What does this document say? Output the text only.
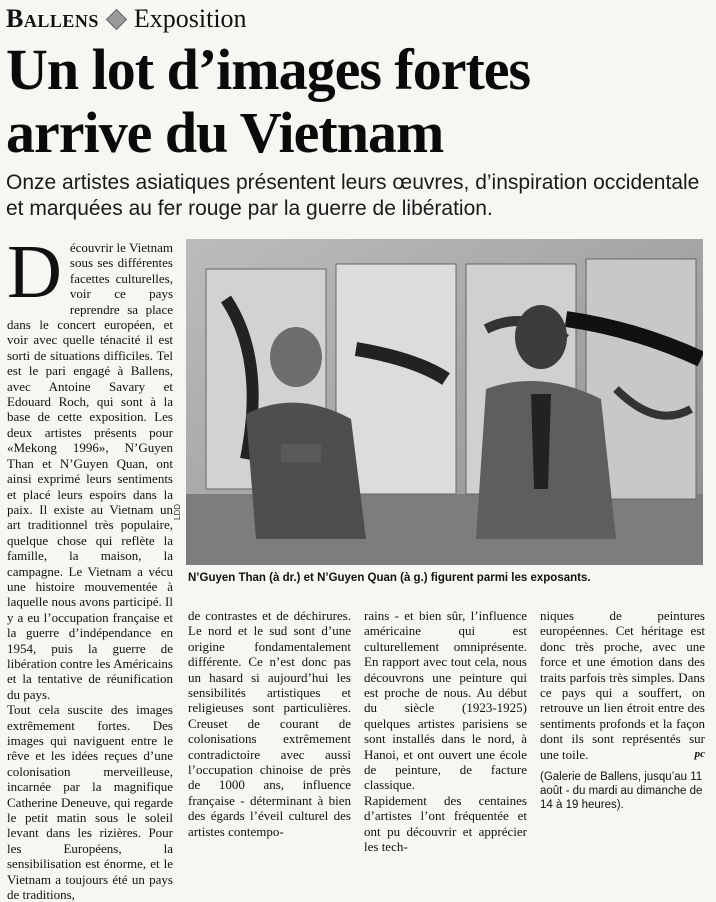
Ballens Exposition
Un lot d’images fortes
arrive du Vietnam
Onze artistes asiatiques présentent leurs œuvres, d’inspiration occidentale et marquées au fer rouge par la guerre de libération.
D écouvrir le Vietnam sous ses différentes facettes culturelles, voir ce pays reprendre sa place dans le concert européen, et voir avec quelle ténacité il est sorti de situations difficiles. Tel est le pari engagé à Ballens, avec Antoine Savary et Edouard Roch, qui sont à la base de cette exposition. Les deux artistes présents pour «Mekong 1996», N’Guyen Than et N’Guyen Quan, ont ainsi exprimé leurs sentiments et placé leurs espoirs dans la paix. Il existe au Vietnam un art traditionnel très populaire, quelque chose qui reflète la famille, la maison, la campagne. Le Vietnam a vécu une histoire mouvementée à laquelle nous avons participé. Il y a eu l’occupation française et la guerre d’indépendance en 1954, puis la guerre de libération contre les Américains et la tentative de réunification du pays.

Tout cela suscite des images extrêmement fortes. Des images qui naviguent entre le rêve et les idées reçues d’une colonisation merveilleuse, incarnée par la magnifique Catherine Deneuve, qui regarde le petit matin sous le soleil levant dans les rizières. Pour les Européens, la sensibilisation est énorme, et le Vietnam a toujours été un pays de traditions,

LDD
N’Guyen Than (à dr.) et N’Guyen Quan (à g.) figurent parmi les exposants.

de contrastes et de déchirures. Le nord et le sud sont d’une origine fondamentalement différente. Ce n’est donc pas un hasard si aujourd’hui les sensibilités artistiques et religieuses sont particulières. Creuset de courant de colonisations extrêmement contradictoire avec aussi l’occupation chinoise de près de 1000 ans, influence française - déterminant à bien des égards l’éveil culturel des artistes contempo-

rains - et bien sûr, l’influence américaine qui est culturellement omniprésente. En rapport avec tout cela, nous découvrons une peinture qui est proche de nous. Au début du siècle (1923-1925) quelques artistes parisiens se sont installés dans le nord, à Hanoi, et ont ouvert une école de peinture, de facture classique.

Rapidement des centaines d’artistes l’ont fréquentée et ont pu découvrir et apprécier les tech-

niques de peintures européennes. Cet héritage est donc très proche, avec une force et une émotion dans des traits parfois très simples. Dans ce pays qui a souffert, on retrouve un lien étroit entre des sentiments profonds et la façon dont ils sont représentés sur une toile.	pc

(Galerie de Ballens, jusqu’au 11 août - du mardi au dimanche de 14 à 19 heures).
